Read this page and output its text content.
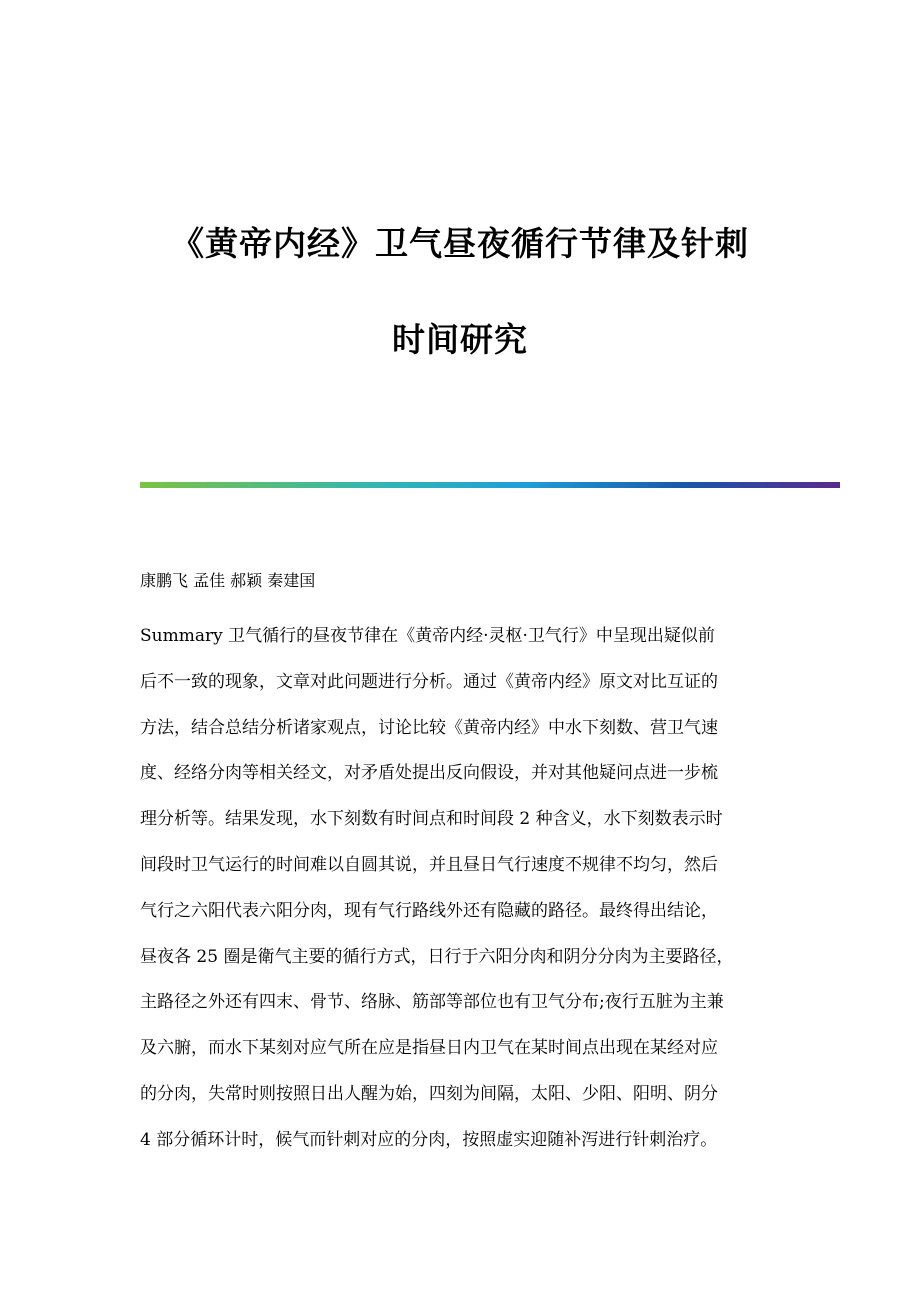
《黄帝内经》卫气昼夜循行节律及针刺
时间研究
康鹏飞 孟佳 郝颖 秦建国
Summary 卫气循行的昼夜节律在《黄帝内经·灵枢·卫气行》中呈现出疑似前
后不一致的现象，文章对此问题进行分析。通过《黄帝内经》原文对比互证的
方法，结合总结分析诸家观点，讨论比较《黄帝内经》中水下刻数、营卫气速
度、经络分肉等相关经文，对矛盾处提出反向假设，并对其他疑问点进一步梳
理分析等。结果发现，水下刻数有时间点和时间段 2 种含义，水下刻数表示时
间段时卫气运行的时间难以自圆其说，并且昼日气行速度不规律不均匀，然后
气行之六阳代表六阳分肉，现有气行路线外还有隐藏的路径。最终得出结论，
昼夜各 25 圈是衛气主要的循行方式，日行于六阳分肉和阴分分肉为主要路径，
主路径之外还有四末、骨节、络脉、筋部等部位也有卫气分布;夜行五脏为主兼
及六腑，而水下某刻对应气所在应是指昼日内卫气在某时间点出现在某经对应
的分肉，失常时则按照日出人醒为始，四刻为间隔，太阳、少阳、阳明、阴分
4 部分循环计时，候气而针刺对应的分肉，按照虚实迎随补泻进行针刺治疗。
